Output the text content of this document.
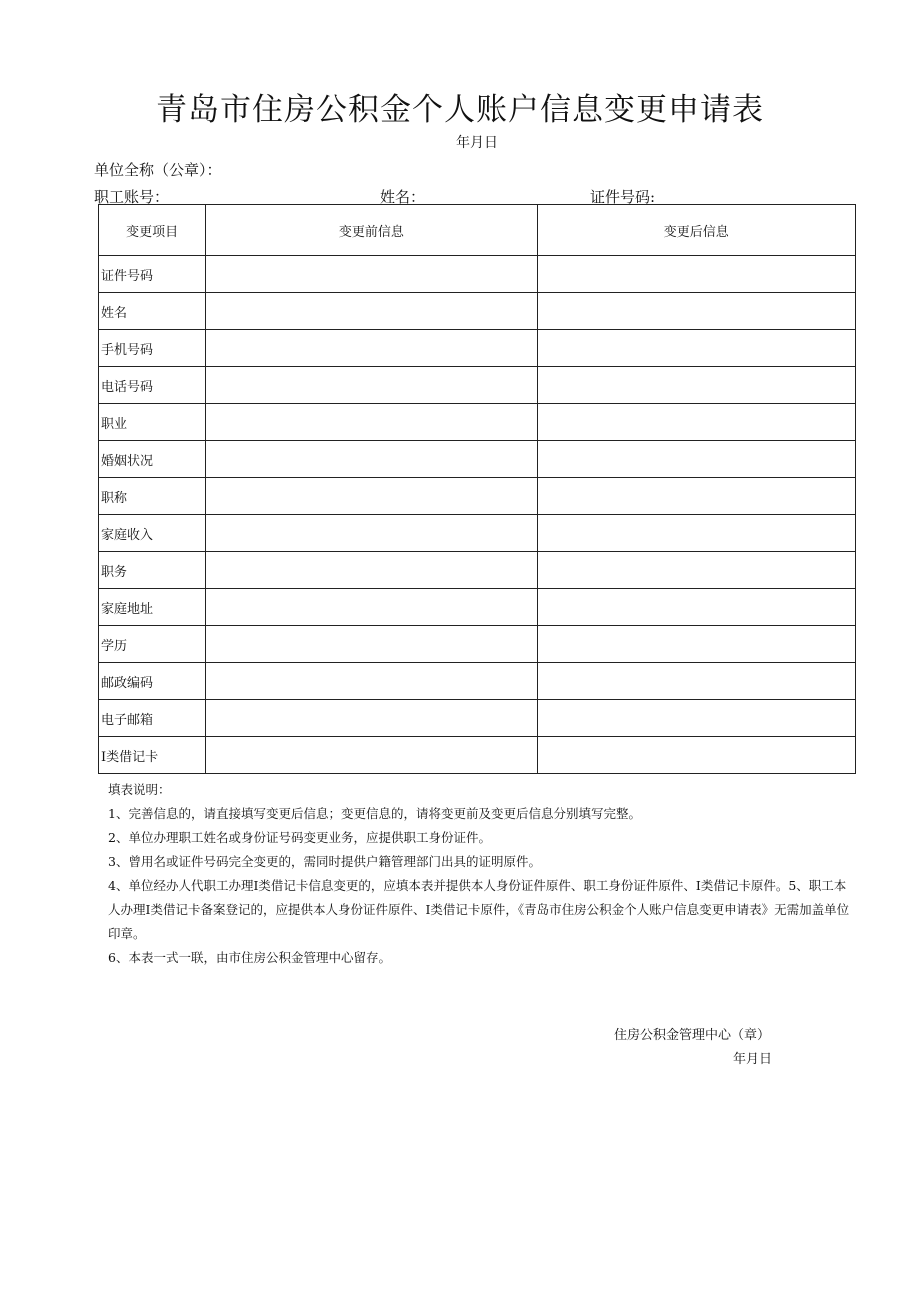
青岛市住房公积金个人账户信息变更申请表
年月日
单位全称（公章）：
职工账号：	姓名：	证件号码:
变更项目	变更前信息	变更后信息
证件号码		
姓名		
手机号码		
电话号码		
职业		
婚姻状况		
职称		
家庭收入		
职务		
家庭地址		
学历		
邮政编码		
电子邮箱		
I类借记卡		

填表说明：

1、完善信息的，请直接填写变更后信息；变更信息的，请将变更前及变更后信息分别填写完整。

2、单位办理职工姓名或身份证号码变更业务，应提供职工身份证件。

3、曾用名或证件号码完全变更的，需同时提供户籍管理部门出具的证明原件。

4、单位经办人代职工办理I类借记卡信息变更的，应填本表并提供本人身份证件原件、职工身份证件原件、I类借记卡原件。5、职工本人办理I类借记卡备案登记的，应提供本人身份证件原件、I类借记卡原件，《青岛市住房公积金个人账户信息变更申请表》无需加盖单位印章。

6、本表一式一联，由市住房公积金管理中心留存。

住房公积金管理中心（章）
年月日
